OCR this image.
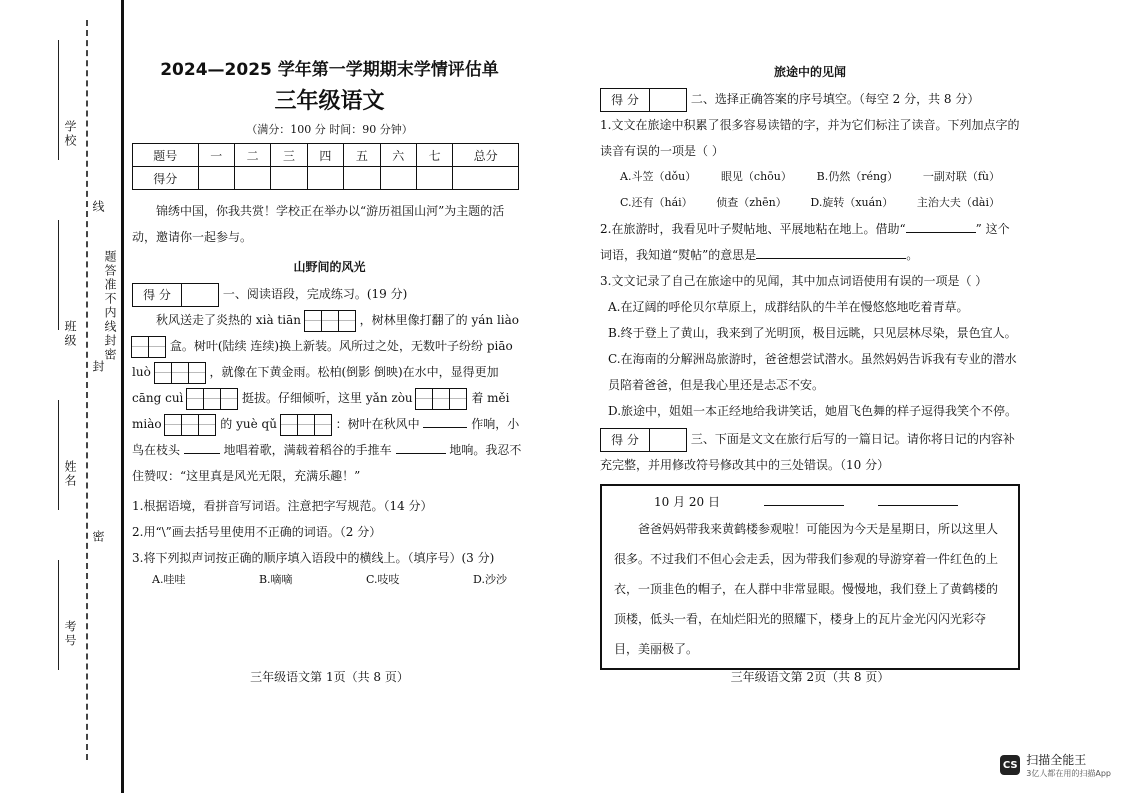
学校
班级
姓名
考号
密
封
线
题答准不内线封密
2024—2025 学年第一学期期末学情评估单
三年级语文
（满分：100 分 时间：90 分钟）
题号	一	二	三	四	五	六	七	总分
得分								
锦绣中国，你我共赏！学校正在举办以“游历祖国山河”为主题的活动，邀请你一起参与。
山野间的风光
得 分	一、阅读语段，完成练习。(19 分)
秋风送走了炎热的 xià tiān	，树林里像打翻了的 yán liào
盒。树叶(陆续 连续)换上新装。风所过之处，无数叶子纷纷 piāo luò	，就像在下黄金雨。松柏(倒影 倒映)在水中，显得更加 cāng cuì	挺拔。仔细倾听，这里 yǎn zòu	着 měi miào	的 yuè qǔ	：树叶在秋风中	作响，小鸟在枝头	地唱着歌，满载着稻谷的手推车	地响。我忍不住赞叹：“这里真是风光无限，充满乐趣！”
1.根据语境，看拼音写词语。注意把字写规范。（14 分）
2.用“\”画去括号里使用不正确的词语。（2 分）
3.将下列拟声词按正确的顺序填入语段中的横线上。（填序号）(3 分)
A.哇哇	B.嘀嘀	C.吱吱	D.沙沙
三年级语文第 1页（共 8 页）
旅途中的见闻
得 分	二、选择正确答案的序号填空。（每空 2 分，共 8 分）
1.文文在旅途中积累了很多容易读错的字，并为它们标注了读音。下列加点字的读音有误的一项是（ ）
A.斗笠（dǒu） 眼见（chōu） B.仍然（réng） 一副对联（fù）
C.还有（hái） 侦查（zhēn） D.旋转（xuán） 主治大夫（dài）
2.在旅游时，我看见叶子熨帖地、平展地粘在地上。借助“	” 这个词语，我知道“熨帖”的意思是	。
3.文文记录了自己在旅途中的见闻，其中加点词语使用有误的一项是（ ）
A.在辽阔的呼伦贝尔草原上，成群结队的牛羊在慢悠悠地吃着青草。
B.终于登上了黄山，我来到了光明顶，极目远眺，只见层林尽染，景色宜人。
C.在海南的分解洲岛旅游时，爸爸想尝试潜水。虽然妈妈告诉我有专业的潜水员陪着爸爸，但是我心里还是忐忑不安。
D.旅途中，姐姐一本正经地给我讲笑话，她眉飞色舞的样子逗得我笑个不停。
得 分	三、下面是文文在旅行后写的一篇日记。请你将日记的内容补充完整，并用修改符号修改其中的三处错误。（10 分）
10 月 20 日
爸爸妈妈带我来黄鹤楼参观啦！可能因为今天是星期日，所以这里人很多。不过我们不但心会走丢，因为带我们参观的导游穿着一件红色的上衣，一顶韭色的帽子，在人群中非常显眼。慢慢地，我们登上了黄鹤楼的顶楼，低头一看，在灿烂阳光的照耀下，楼身上的瓦片金光闪闪光彩夺目，美丽极了。
三年级语文第 2页（共 8 页）
CS 扫描全能王
3亿人都在用的扫描App
